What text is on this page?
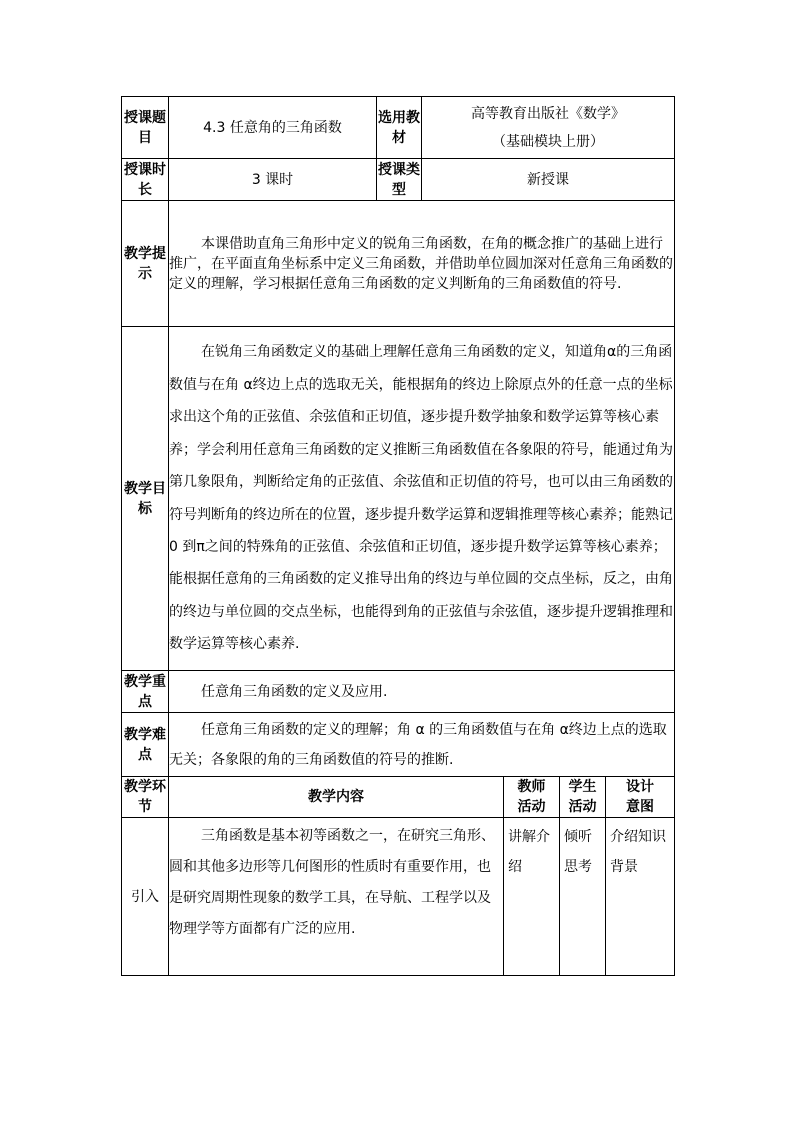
授课题目	4.3 任意角的三角函数	选用教材	高等教育出版社《数学》
（基础模块上册）			

授课时长	3 课时	授课类型	新授课			
教学提示	本课借助直角三角形中定义的锐角三角函数，在角的概念推广的基础上进行推广，在平面直角坐标系中定义三角函数，并借助单位圆加深对任意角三角函数的定义的理解，学习根据任意角三角函数的定义判断角的三角函数值的符号.					
教学目标	在锐角三角函数定义的基础上理解任意角三角函数的定义，知道角α的三角函数值与在角 α终边上点的选取无关，能根据角的终边上除原点外的任意一点的坐标求出这个角的正弦值、余弦值和正切值，逐步提升数学抽象和数学运算等核心素养；学会利用任意角三角函数的定义推断三角函数值在各象限的符号，能通过角为第几象限角，判断给定角的正弦值、余弦值和正切值的符号，也可以由三角函数的符号判断角的终边所在的位置，逐步提升数学运算和逻辑推理等核心素养；能熟记 0 到π之间的特殊角的正弦值、余弦值和正切值，逐步提升数学运算等核心素养；能根据任意角的三角函数的定义推导出角的终边与单位圆的交点坐标，反之，由角的终边与单位圆的交点坐标，也能得到角的正弦值与余弦值，逐步提升逻辑推理和数学运算等核心素养.					
教学重点	任意角三角函数的定义及应用.					
教学难点	任意角三角函数的定义的理解；角 α 的三角函数值与在角 α终边上点的选取无关；各象限的角的三角函数值的符号的推断.					
教学环节	教学内容			教师活动	学生活动	设计意图
引入	三角函数是基本初等函数之一，在研究三角形、圆和其他多边形等几何图形的性质时有重要作用，也是研究周期性现象的数学工具，在导航、工程学以及物理学等方面都有广泛的应用.			讲解介绍	倾听思考	介绍知识背景
